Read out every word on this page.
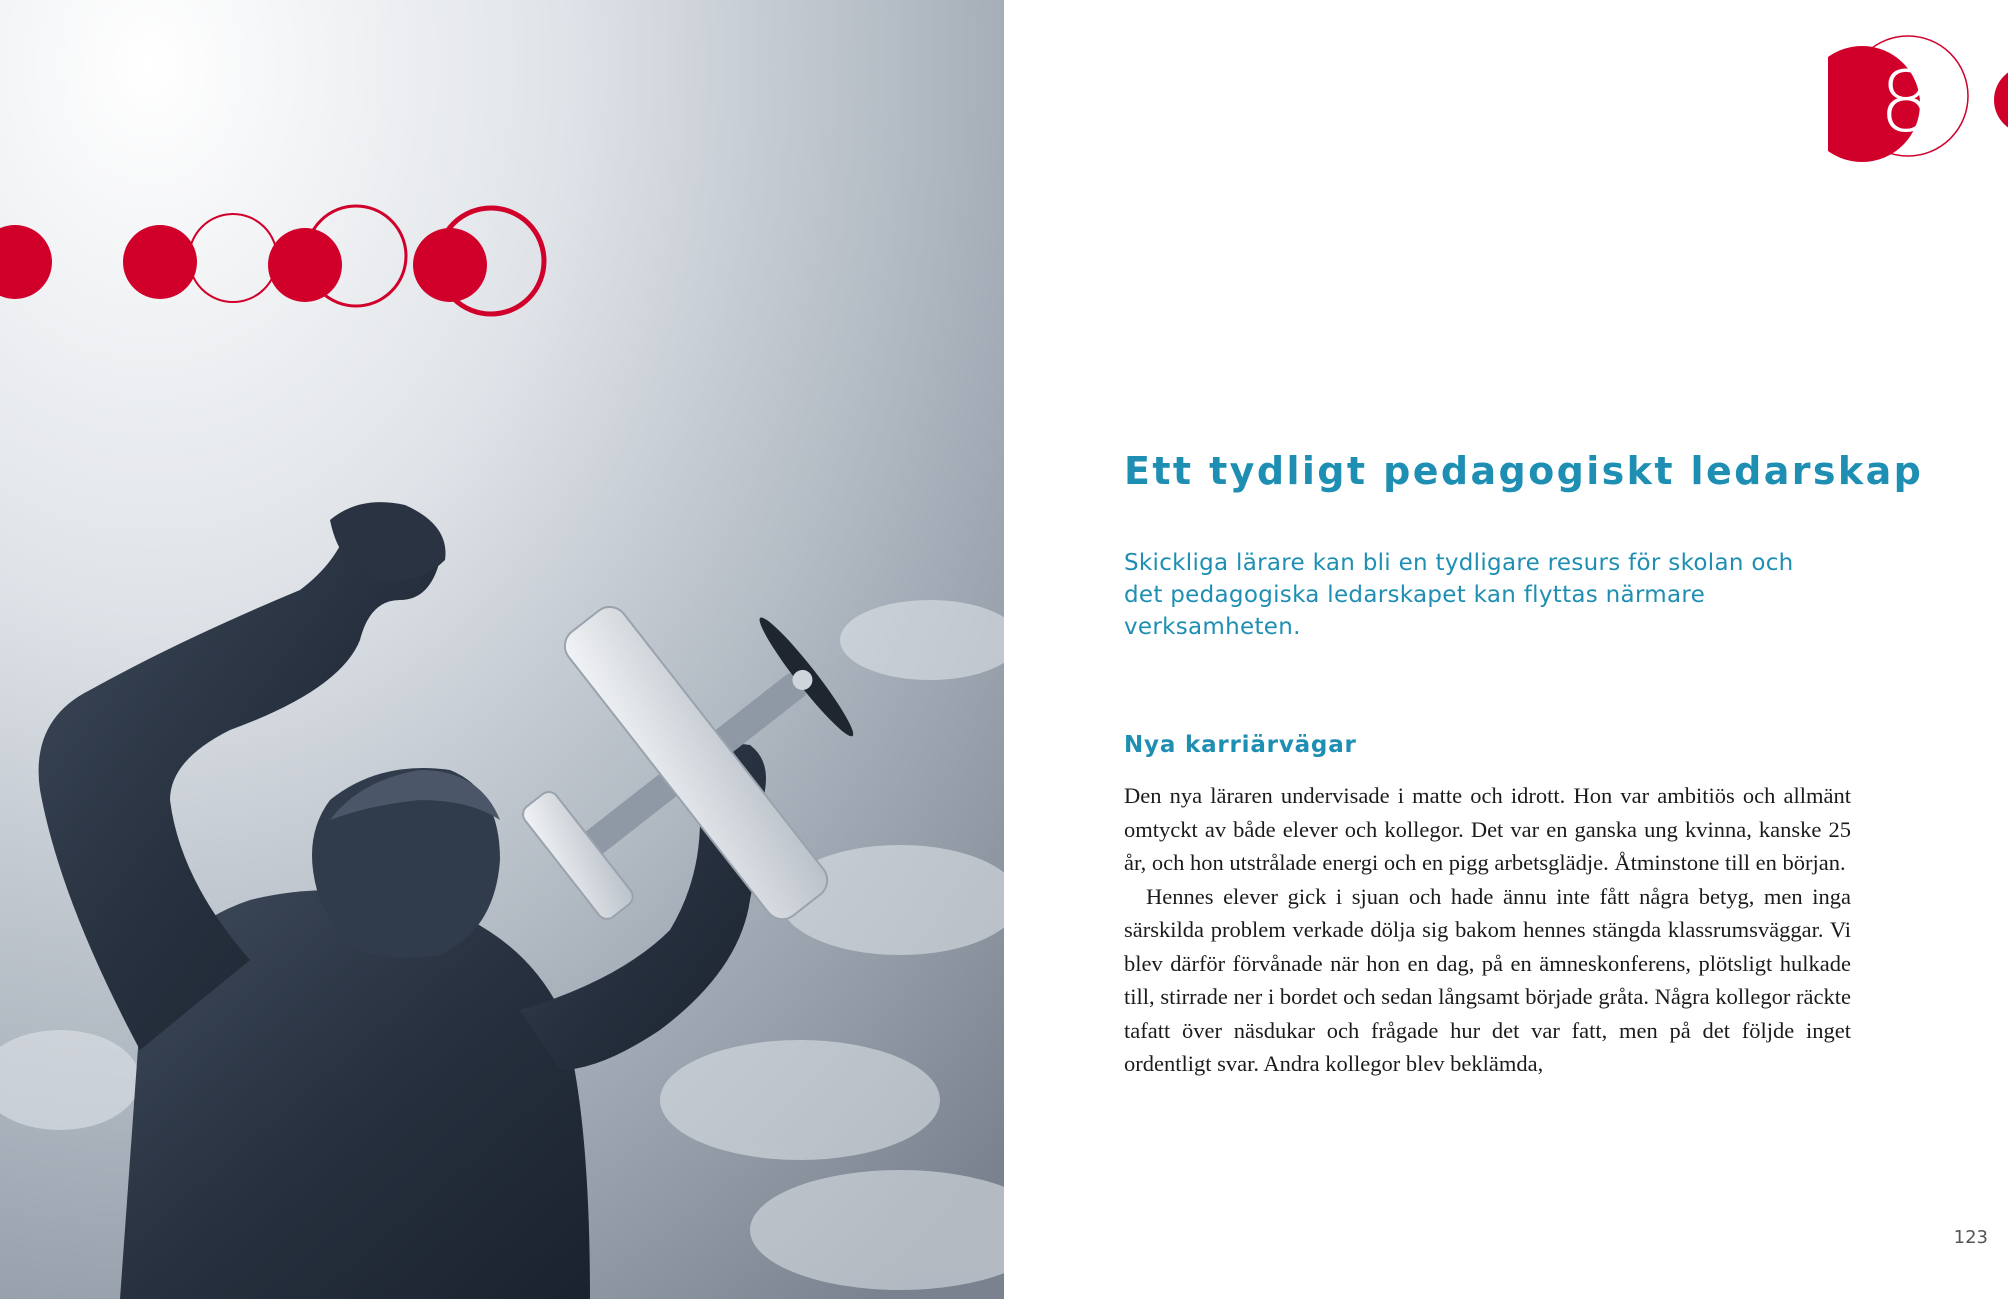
8
Ett tydligt pedagogiskt ledarskap

Skickliga lärare kan bli en tydligare resurs för skolan och det pedagogiska ledarskapet kan flyttas närmare verksamheten.

Nya karriärvägar

Den nya läraren undervisade i matte och idrott. Hon var ambitiös och allmänt omtyckt av både elever och kollegor. Det var en ganska ung kvinna, kanske 25 år, och hon utstrålade energi och en pigg arbetsglädje. Åtminstone till en början.

Hennes elever gick i sjuan och hade ännu inte fått några betyg, men inga särskilda problem verkade dölja sig bakom hennes stängda klassrumsväggar. Vi blev därför förvånade när hon en dag, på en ämneskonferens, plötsligt hulkade till, stirrade ner i bordet och sedan långsamt började gråta. Några kollegor räckte tafatt över näsdukar och frågade hur det var fatt, men på det följde inget ordentligt svar. Andra kollegor blev beklämda,

123
